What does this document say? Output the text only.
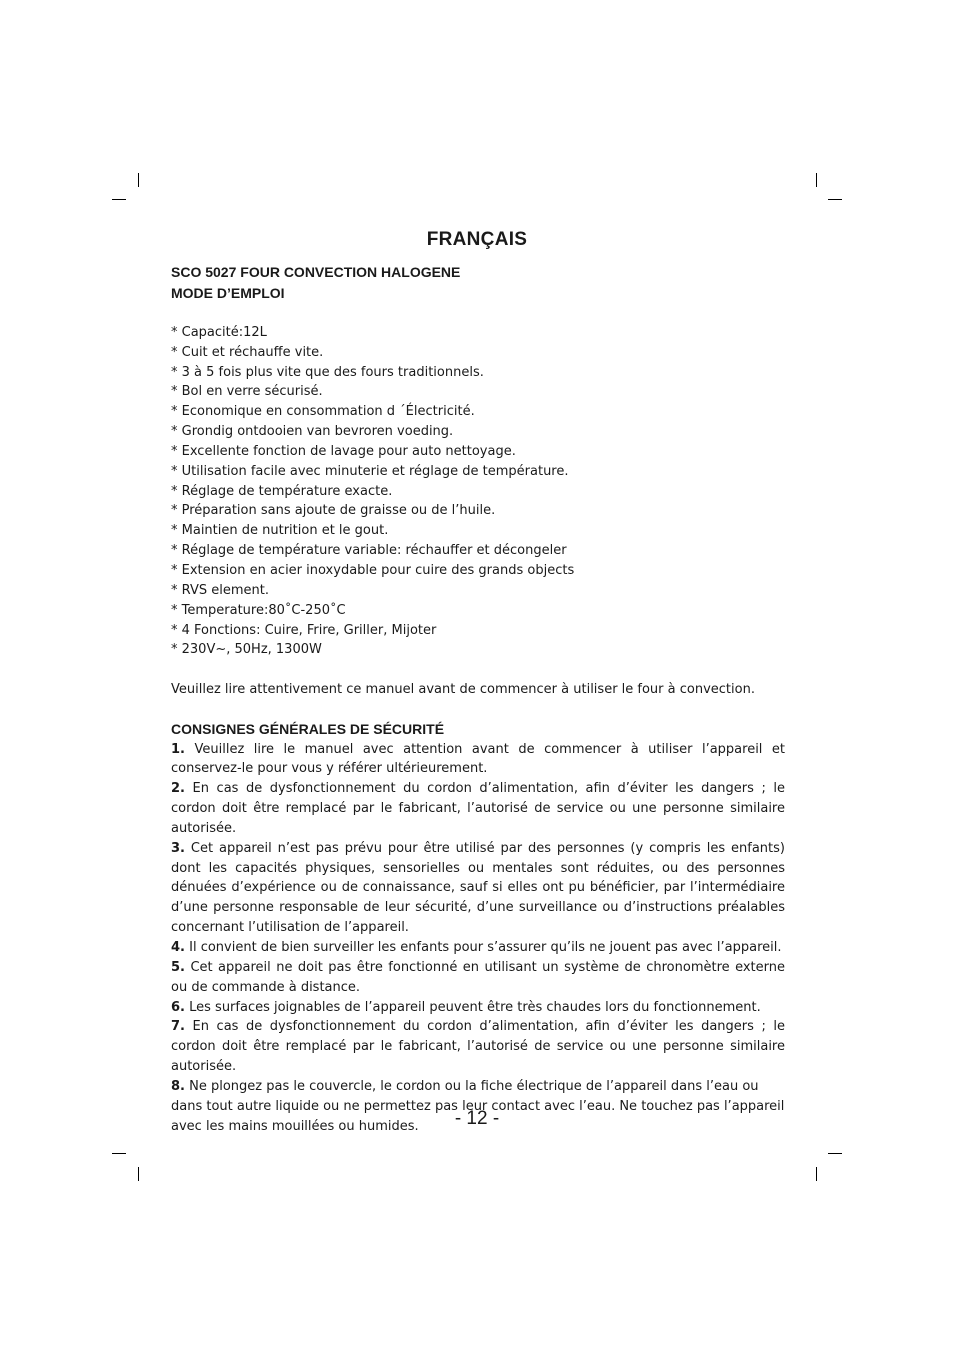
FRANÇAIS
SCO 5027 FOUR CONVECTION HALOGENE
MODE D’EMPLOI
* Capacité:12L
* Cuit et réchauffe vite.
* 3 à 5 fois plus vite que des fours traditionnels.
* Bol en verre sécurisé.
* Economique en consommation d ´Électricité.
* Grondig ontdooien van bevroren voeding.
* Excellente fonction de lavage pour auto nettoyage.
* Utilisation facile avec minuterie et réglage de température.
* Réglage de température exacte.
* Préparation sans ajoute de graisse ou de l’huile.
* Maintien de nutrition et le gout.
* Réglage de température variable: réchauffer et décongeler
* Extension en acier inoxydable pour cuire des grands objects
* RVS element.
* Temperature:80˚C-250˚C
* 4 Fonctions: Cuire, Frire, Griller, Mijoter
* 230V~, 50Hz, 1300W

Veuillez lire attentivement ce manuel avant de commencer à utiliser le four à convection.

CONSIGNES GÉNÉRALES DE SÉCURITÉ
1. Veuillez lire le manuel avec attention avant de commencer à utiliser l’appareil et conservez-le pour vous y référer ultérieurement.
2. En cas de dysfonctionnement du cordon d’alimentation, afin d’éviter les dangers ; le cordon doit être remplacé par le fabricant, l’autorisé de service ou une personne similaire autorisée.
3. Cet appareil n’est pas prévu pour être utilisé par des personnes (y compris les enfants) dont les capacités physiques, sensorielles ou mentales sont réduites, ou des personnes dénuées d’expérience ou de connaissance, sauf si elles ont pu bénéficier, par l’intermédiaire d’une personne responsable de leur sécurité, d’une surveillance ou d’instructions préalables concernant l’utilisation de l’appareil.
4. Il convient de bien surveiller les enfants pour s’assurer qu’ils ne jouent pas avec l’appareil.
5. Cet appareil ne doit pas être fonctionné en utilisant un système de chronomètre externe ou de commande à distance.
6. Les surfaces joignables de l’appareil peuvent être très chaudes lors du fonctionnement.
7. En cas de dysfonctionnement du cordon d’alimentation, afin d’éviter les dangers ; le cordon doit être remplacé par le fabricant, l’autorisé de service ou une personne similaire autorisée.
8. Ne plongez pas le couvercle, le cordon ou la fiche électrique de l’appareil dans l’eau ou dans tout autre liquide ou ne permettez pas leur contact avec l’eau. Ne touchez pas l’appareil avec les mains mouillées ou humides.	- 12 -
